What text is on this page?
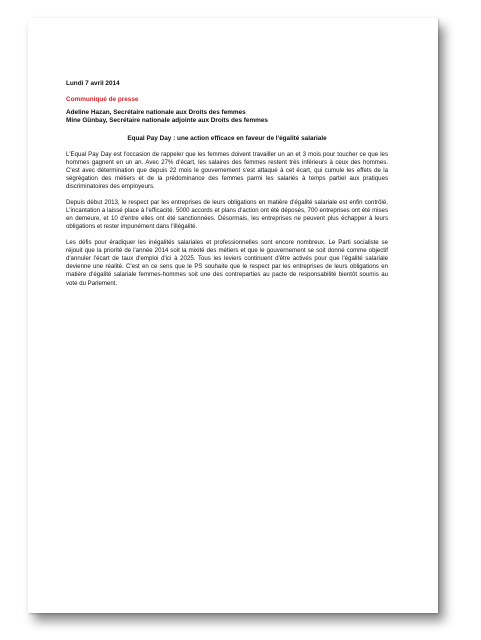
Lundi 7 avril 2014

Communiqué de presse

Adeline Hazan, Secrétaire nationale aux Droits des femmes

Mine Günbay, Secrétaire nationale adjointe aux Droits des femmes

Equal Pay Day : une action efficace en faveur de l'égalité salariale

L'Equal Pay Day est l'occasion de rappeler que les femmes doivent travailler un an et 3 mois pour toucher ce que les hommes gagnent en un an. Avec 27% d'écart, les salaires des femmes restent très inférieurs à ceux des hommes. C'est avec détermination que depuis 22 mois le gouvernement s'est attaqué à cet écart, qui cumule les effets de la ségrégation des métiers et de la prédominance des femmes parmi les salariés à temps partiel aux pratiques discriminatoires des employeurs.

Depuis début 2013, le respect par les entreprises de leurs obligations en matière d'égalité salariale est enfin contrôlé. L'incantation a laissé place à l'efficacité. 5000 accords et plans d'action ont été déposés, 700 entreprises ont été mises en demeure, et 10 d'entre elles ont été sanctionnées. Désormais, les entreprises ne peuvent plus échapper à leurs obligations et rester impunément dans l'illégalité.

Les défis pour éradiquer les inégalités salariales et professionnelles sont encore nombreux. Le Parti socialiste se réjouit que la priorité de l'année 2014 soit la mixité des métiers et que le gouvernement se soit donné comme objectif d'annuler l'écart de taux d'emploi d'ici à 2025. Tous les leviers continuent d'être activés pour que l'égalité salariale devienne une réalité. C'est en ce sens que le PS souhaite que le respect par les entreprises de leurs obligations en matière d'égalité salariale femmes-hommes soit une des contreparties au pacte de responsabilité bientôt soumis au vote du Parlement.
